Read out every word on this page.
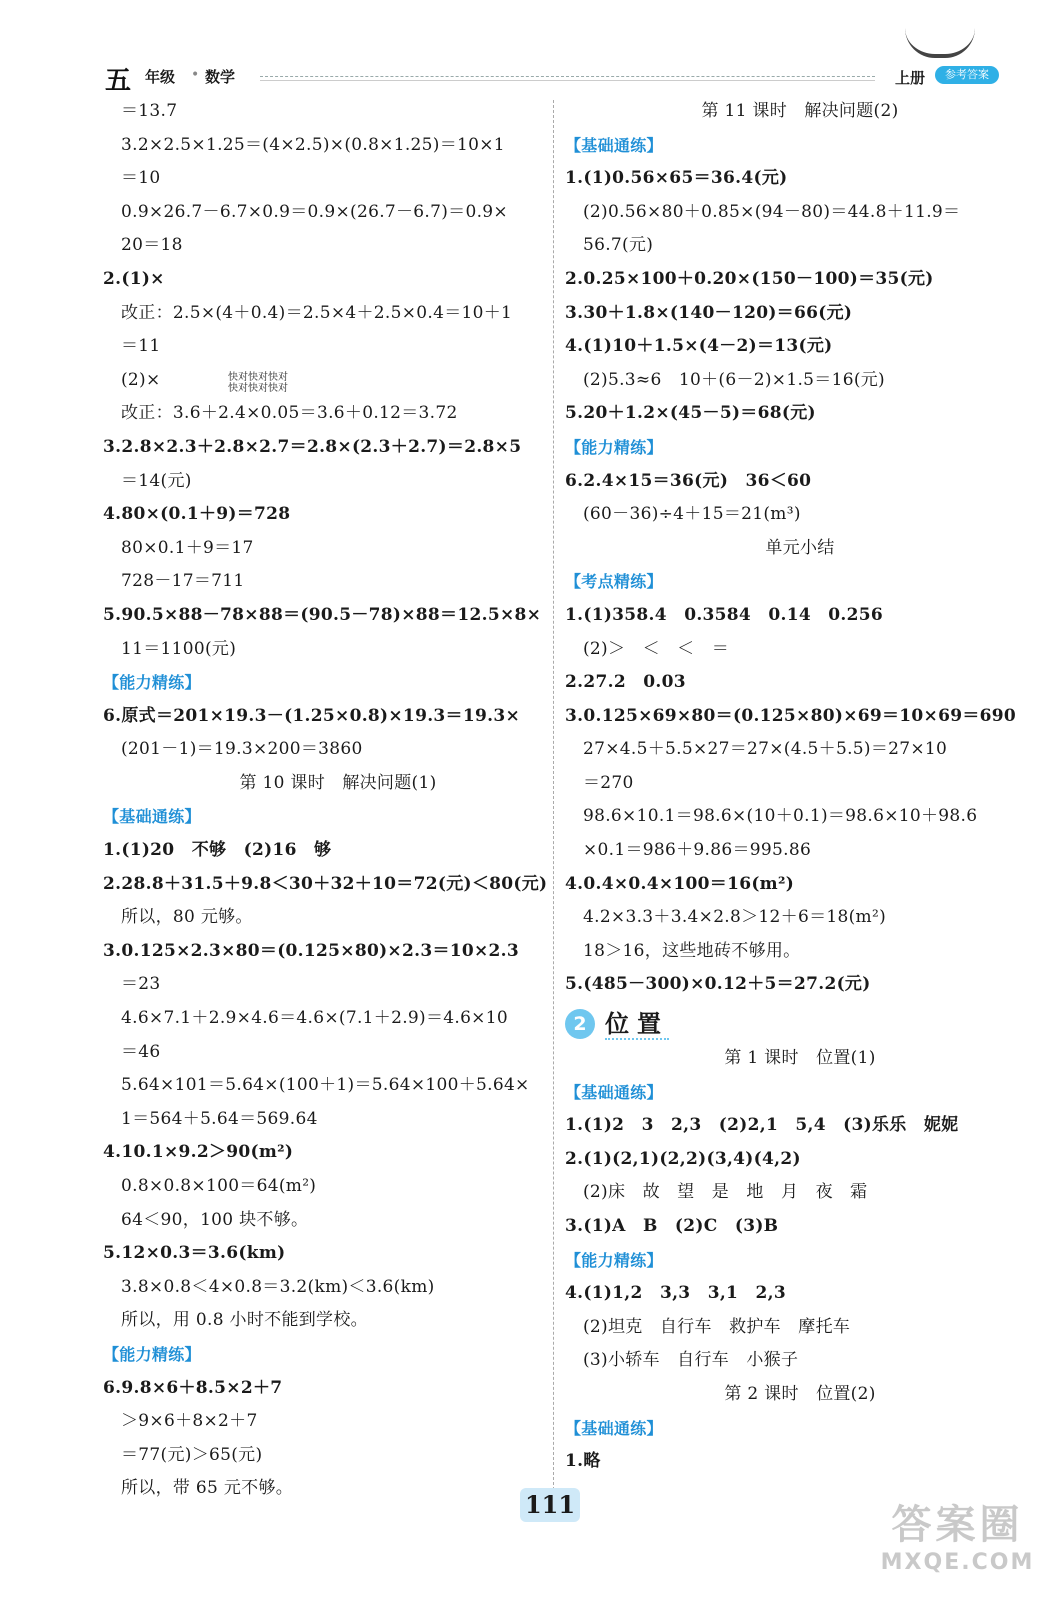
五 年级 • 数学	上册	参考答案
＝13.7
3.2×2.5×1.25＝(4×2.5)×(0.8×1.25)＝10×1
＝10
0.9×26.7－6.7×0.9＝0.9×(26.7－6.7)＝0.9×
20＝18
2.(1)×
改正：2.5×(4＋0.4)＝2.5×4＋2.5×0.4＝10＋1
＝11
(2)×
改正：3.6＋2.4×0.05＝3.6＋0.12＝3.72
3.2.8×2.3＋2.8×2.7＝2.8×(2.3＋2.7)＝2.8×5
＝14(元)
4.80×(0.1＋9)＝728
80×0.1＋9＝17
728－17＝711
5.90.5×88－78×88＝(90.5－78)×88＝12.5×8×
11＝1100(元)
【能力精练】
6.原式＝201×19.3－(1.25×0.8)×19.3＝19.3×
(201－1)＝19.3×200＝3860
第 10 课时　解决问题(1)
【基础通练】
1.(1)20　不够　(2)16　够
2.28.8＋31.5＋9.8＜30＋32＋10＝72(元)＜80(元)
所以，80 元够。
3.0.125×2.3×80＝(0.125×80)×2.3＝10×2.3
＝23
4.6×7.1＋2.9×4.6＝4.6×(7.1＋2.9)＝4.6×10
＝46
5.64×101＝5.64×(100＋1)＝5.64×100＋5.64×
1＝564＋5.64＝569.64
4.10.1×9.2＞90(m²)
0.8×0.8×100＝64(m²)
64＜90，100 块不够。
5.12×0.3＝3.6(km)
3.8×0.8＜4×0.8＝3.2(km)＜3.6(km)
所以，用 0.8 小时不能到学校。
【能力精练】
6.9.8×6＋8.5×2＋7
＞9×6＋8×2＋7
＝77(元)＞65(元)
所以，带 65 元不够。
第 11 课时　解决问题(2)
【基础通练】
1.(1)0.56×65＝36.4(元)
(2)0.56×80＋0.85×(94－80)＝44.8＋11.9＝
56.7(元)
2.0.25×100＋0.20×(150－100)＝35(元)
3.30＋1.8×(140－120)＝66(元)
4.(1)10＋1.5×(4－2)＝13(元)
(2)5.3≈6　10＋(6－2)×1.5＝16(元)
5.20＋1.2×(45－5)＝68(元)
【能力精练】
6.2.4×15＝36(元)　36＜60
(60－36)÷4＋15＝21(m³)
单元小结
【考点精练】
1.(1)358.4　0.3584　0.14　0.256
(2)＞　＜　＜　＝
2.27.2　0.03
3.0.125×69×80＝(0.125×80)×69＝10×69＝690
27×4.5＋5.5×27＝27×(4.5＋5.5)＝27×10
＝270
98.6×10.1＝98.6×(10＋0.1)＝98.6×10＋98.6
×0.1＝986＋9.86＝995.86
4.0.4×0.4×100＝16(m²)
4.2×3.3＋3.4×2.8＞12＋6＝18(m²)
18＞16，这些地砖不够用。
5.(485－300)×0.12＋5＝27.2(元)
2 位置
第 1 课时　位置(1)
【基础通练】
1.(1)2　3　2,3　(2)2,1　5,4　(3)乐乐　妮妮
2.(1)(2,1)(2,2)(3,4)(4,2)
(2)床　故　望　是　地　月　夜　霜
3.(1)A　B　(2)C　(3)B
【能力精练】
4.(1)1,2　3,3　3,1　2,3
(2)坦克　自行车　救护车　摩托车
(3)小轿车　自行车　小猴子
第 2 课时　位置(2)
【基础通练】
1.略
快对快对快对
快对快对快对
111	答案圈
MXQE.COM
